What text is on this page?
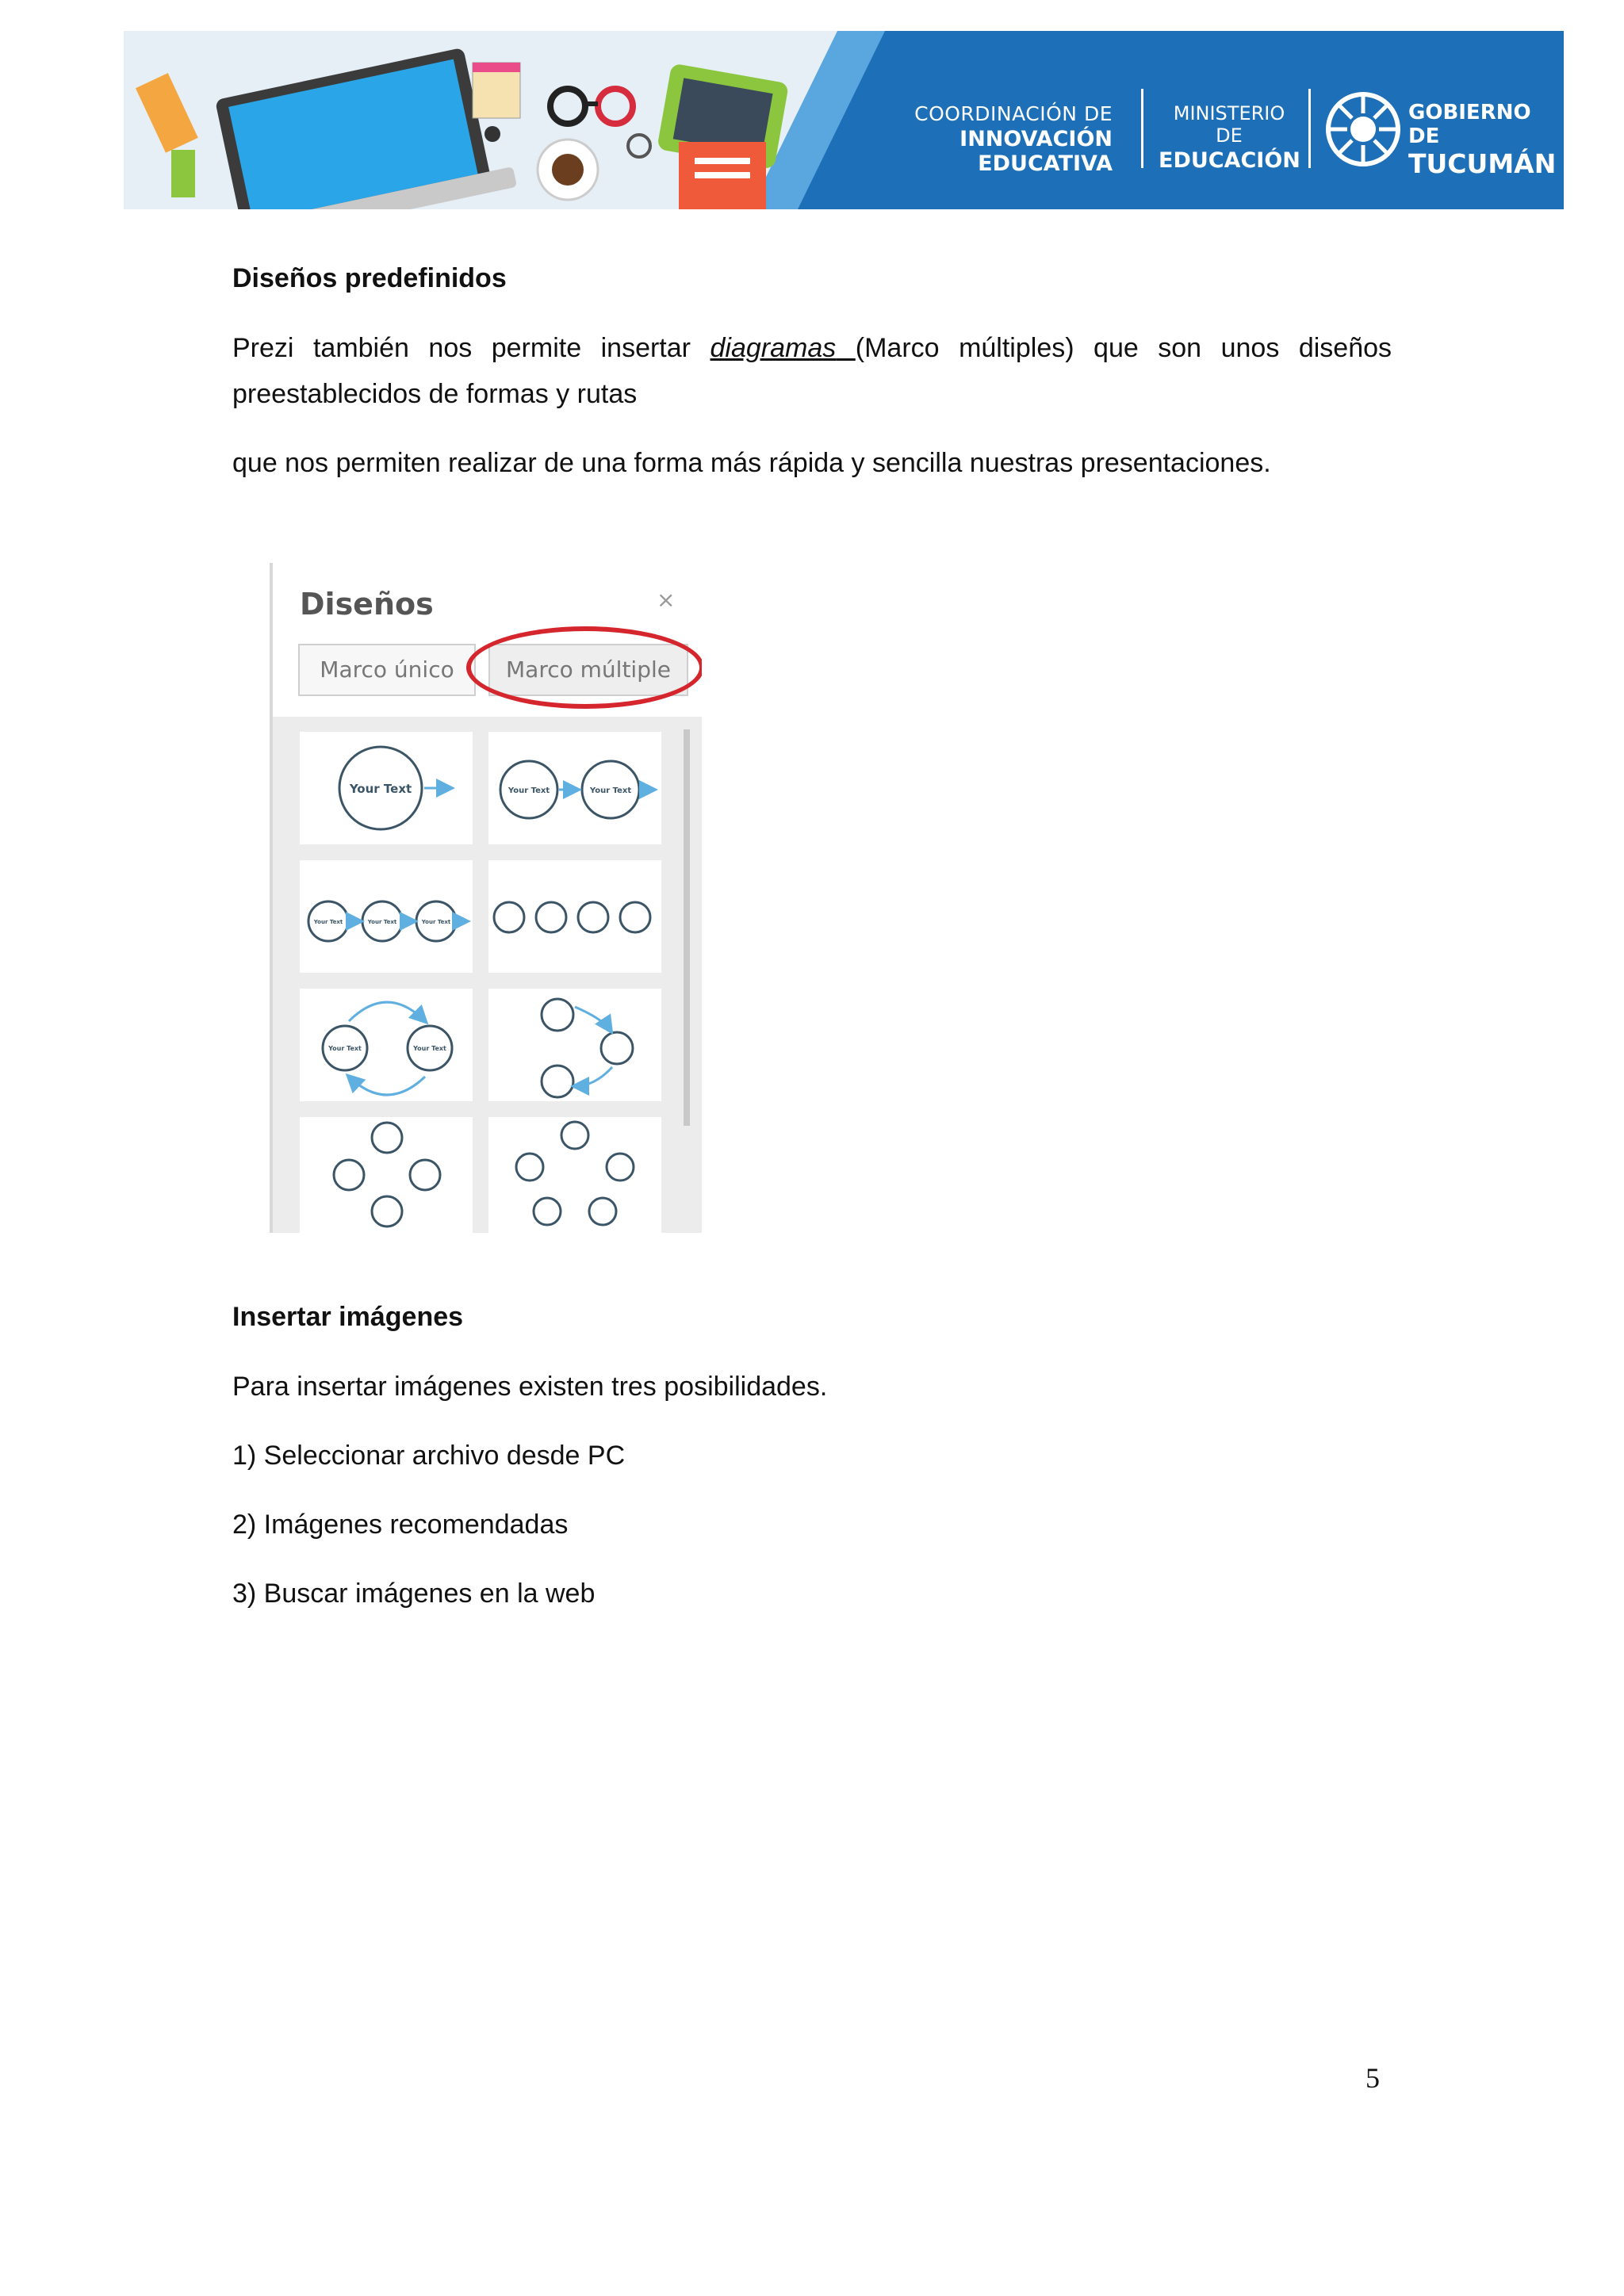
COORDINACIÓN DE
INNOVACIÓN EDUCATIVA
MINISTERIO DE
EDUCACIÓN
GOBIERNO DE
TUCUMÁN
Diseños predefinidos
Prezi también nos permite insertar diagramas (Marco múltiples) que son unos diseños preestablecidos de formas y rutas
que nos permiten realizar de una forma más rápida y sencilla nuestras presentaciones.
Diseños	×
Marco único	Marco múltiple
Your Text	Your Text	Your Text
Your Text	Your Text	Your Text
Your Text	Your Text
Insertar imágenes
Para insertar imágenes existen tres posibilidades.
1) Seleccionar archivo desde PC
2) Imágenes recomendadas
3) Buscar imágenes en la web
5
